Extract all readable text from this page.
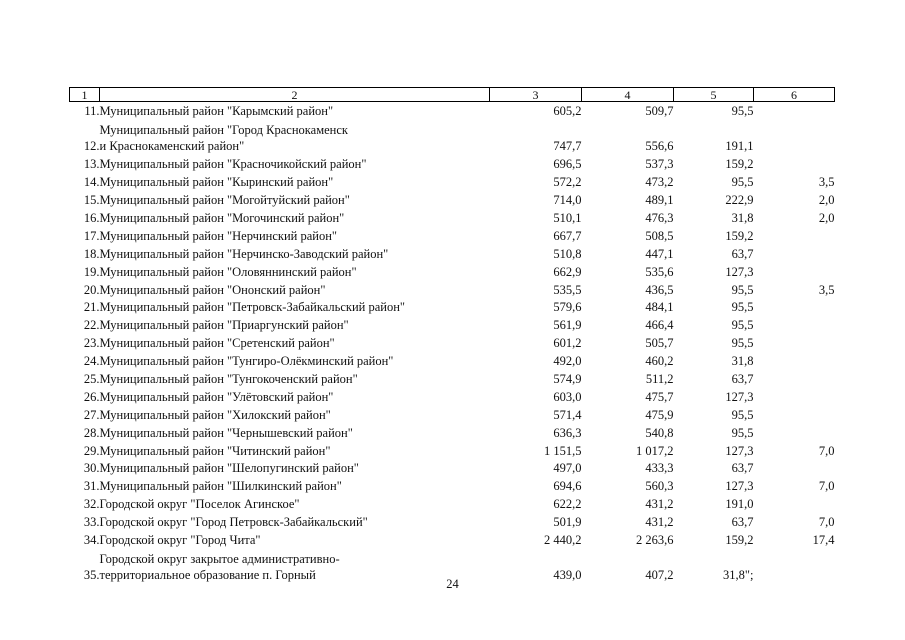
1	2	3	4	5	6
11.	Муниципальный район "Карымский район"	605,2	509,7	95,5	
12.	Муниципальный район "Город Краснокаменск
и Краснокаменский район"	747,7	556,6	191,1	
13.	Муниципальный район "Красночикойский район"	696,5	537,3	159,2	
14.	Муниципальный район "Кыринский район"	572,2	473,2	95,5	3,5
15.	Муниципальный район "Могойтуйский район"	714,0	489,1	222,9	2,0
16.	Муниципальный район "Могочинский район"	510,1	476,3	31,8	2,0
17.	Муниципальный район "Нерчинский район"	667,7	508,5	159,2	
18.	Муниципальный район "Нерчинско-Заводский район"	510,8	447,1	63,7	
19.	Муниципальный район "Оловяннинский район"	662,9	535,6	127,3	
20.	Муниципальный район "Ононский район"	535,5	436,5	95,5	3,5
21.	Муниципальный район "Петровск-Забайкальский район"	579,6	484,1	95,5	
22.	Муниципальный район "Приаргунский район"	561,9	466,4	95,5	
23.	Муниципальный район "Сретенский район"	601,2	505,7	95,5	
24.	Муниципальный район "Тунгиро-Олёкминский район"	492,0	460,2	31,8	
25.	Муниципальный район "Тунгокоченский район"	574,9	511,2	63,7	
26.	Муниципальный район "Улётовский район"	603,0	475,7	127,3	
27.	Муниципальный район "Хилокский район"	571,4	475,9	95,5	
28.	Муниципальный район "Чернышевский район"	636,3	540,8	95,5	
29.	Муниципальный район "Читинский район"	1 151,5	1 017,2	127,3	7,0
30.	Муниципальный район "Шелопугинский район"	497,0	433,3	63,7	
31.	Муниципальный район "Шилкинский район"	694,6	560,3	127,3	7,0
32.	Городской округ "Поселок Агинское"	622,2	431,2	191,0	
33.	Городской округ "Город Петровск-Забайкальский"	501,9	431,2	63,7	7,0
34.	Городской округ "Город Чита"	2 440,2	2 263,6	159,2	17,4
35.	Городской округ закрытое административно-
территориальное образование п. Горный	439,0	407,2	31,8";	
24
